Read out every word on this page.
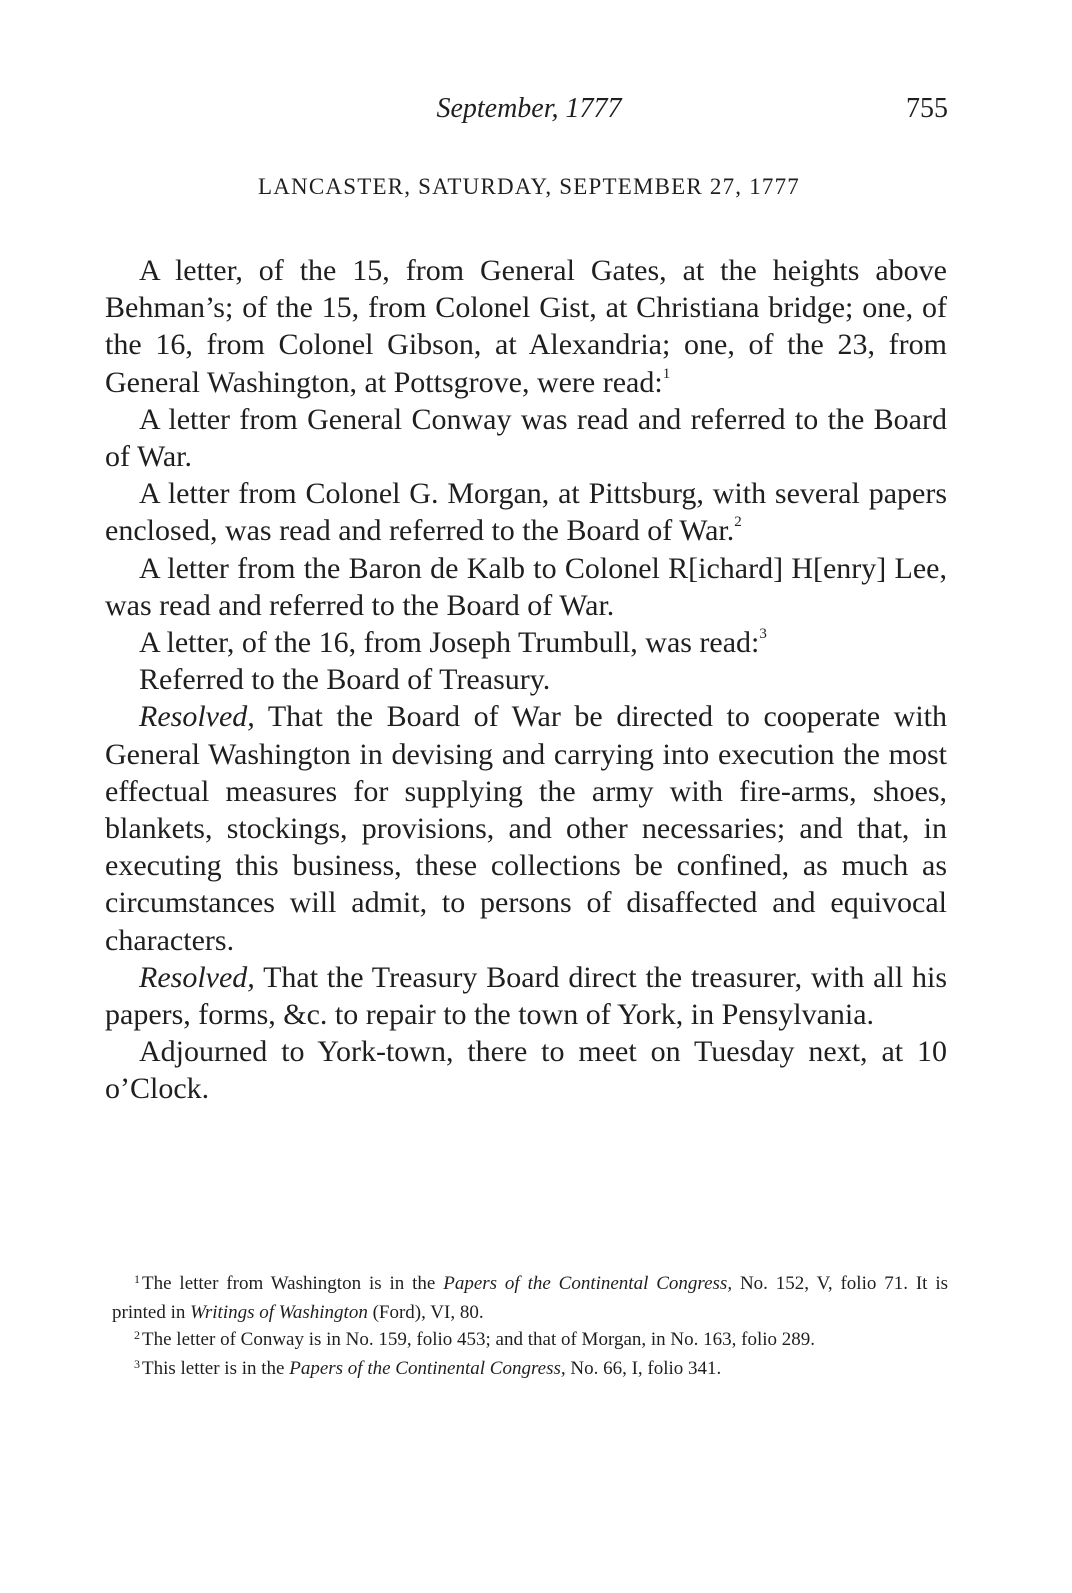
September, 1777	755
LANCASTER, SATURDAY, SEPTEMBER 27, 1777

A letter, of the 15, from General Gates, at the heights above Behman’s; of the 15, from Colonel Gist, at Christiana bridge; one, of the 16, from Colonel Gibson, at Alexandria; one, of the 23, from General Washington, at Pottsgrove, were read:$^1$

A letter from General Conway was read and referred to the Board of War.

A letter from Colonel G. Morgan, at Pittsburg, with several papers enclosed, was read and referred to the Board of War.$^2$

A letter from the Baron de Kalb to Colonel R[ichard] H[enry] Lee, was read and referred to the Board of War.

A letter, of the 16, from Joseph Trumbull, was read:$^3$

Referred to the Board of Treasury.

Resolved, That the Board of War be directed to cooperate with General Washington in devising and carrying into execution the most effectual measures for supplying the army with fire-arms, shoes, blankets, stockings, provisions, and other necessaries; and that, in executing this business, these collections be confined, as much as circumstances will admit, to persons of disaffected and equivocal characters.

Resolved, That the Treasury Board direct the treasurer, with all his papers, forms, &c. to repair to the town of York, in Pensylvania.

Adjourned to York-town, there to meet on Tuesday next, at 10 o’Clock.

$^1$ The letter from Washington is in the Papers of the Continental Congress, No. 152, V, folio 71. It is printed in Writings of Washington (Ford), VI, 80.

$^2$ The letter of Conway is in No. 159, folio 453; and that of Morgan, in No. 163, folio 289.

$^3$ This letter is in the Papers of the Continental Congress, No. 66, I, folio 341.
